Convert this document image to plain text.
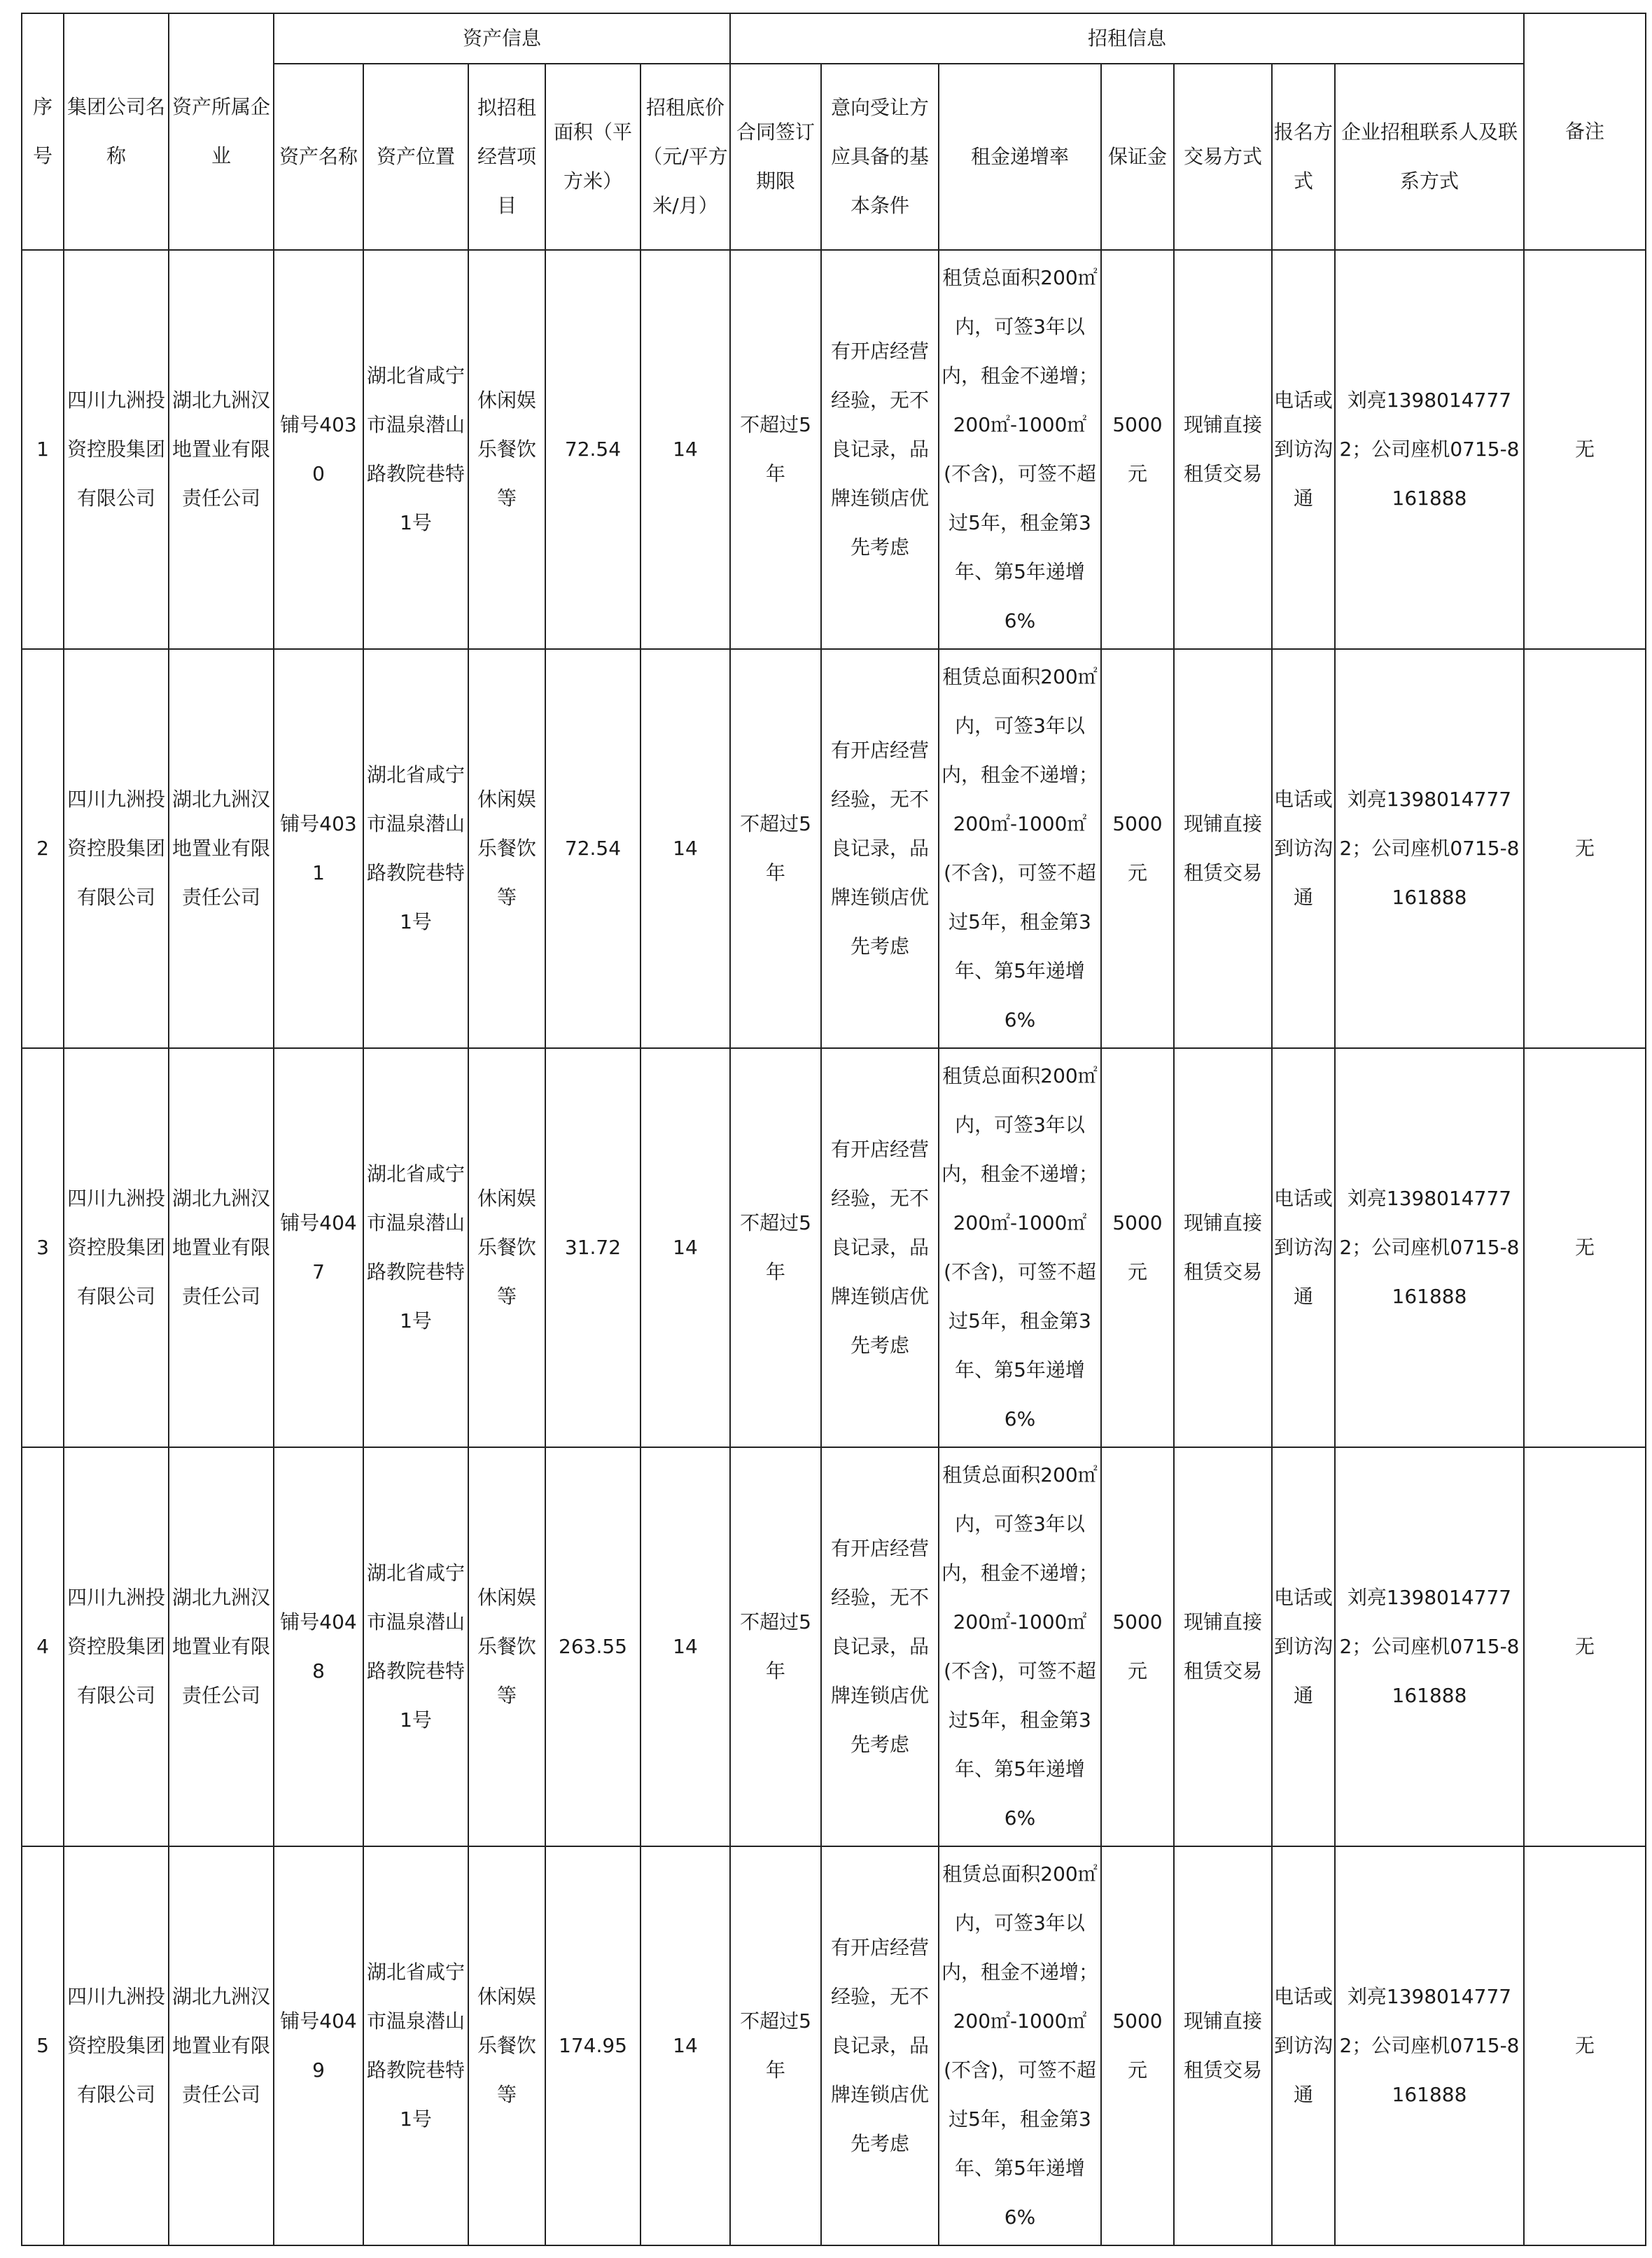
序号	集团公司名称	资产所属企业	资产信息					招租信息							备注
			资产名称	资产位置	拟招租经营项目	面积（平方米）	招租底价（元/平方米/月）	合同签订期限	意向受让方应具备的基本条件	租金递增率	保证金	交易方式	报名方式	企业招租联系人及联系方式	
1	四川九洲投资控股集团有限公司	湖北九洲汉地置业有限责任公司	铺号4030	湖北省咸宁市温泉潜山路教院巷特1号	休闲娱乐餐饮等	72.54	14	不超过5年	有开店经营经验，无不良记录，品牌连锁店优先考虑	租赁总面积200㎡内，可签3年以内，租金不递增；200㎡-1000㎡(不含)，可签不超过5年，租金第3年、第5年递增6%	5000元	现铺直接租赁交易	电话或到访沟通	刘亮13980147772；公司座机0715-8161888	无
2	四川九洲投资控股集团有限公司	湖北九洲汉地置业有限责任公司	铺号4031	湖北省咸宁市温泉潜山路教院巷特1号	休闲娱乐餐饮等	72.54	14	不超过5年	有开店经营经验，无不良记录，品牌连锁店优先考虑	租赁总面积200㎡内，可签3年以内，租金不递增；200㎡-1000㎡(不含)，可签不超过5年，租金第3年、第5年递增6%	5000元	现铺直接租赁交易	电话或到访沟通	刘亮13980147772；公司座机0715-8161888	无
3	四川九洲投资控股集团有限公司	湖北九洲汉地置业有限责任公司	铺号4047	湖北省咸宁市温泉潜山路教院巷特1号	休闲娱乐餐饮等	31.72	14	不超过5年	有开店经营经验，无不良记录，品牌连锁店优先考虑	租赁总面积200㎡内，可签3年以内，租金不递增；200㎡-1000㎡(不含)，可签不超过5年，租金第3年、第5年递增6%	5000元	现铺直接租赁交易	电话或到访沟通	刘亮13980147772；公司座机0715-8161888	无
4	四川九洲投资控股集团有限公司	湖北九洲汉地置业有限责任公司	铺号4048	湖北省咸宁市温泉潜山路教院巷特1号	休闲娱乐餐饮等	263.55	14	不超过5年	有开店经营经验，无不良记录，品牌连锁店优先考虑	租赁总面积200㎡内，可签3年以内，租金不递增；200㎡-1000㎡(不含)，可签不超过5年，租金第3年、第5年递增6%	5000元	现铺直接租赁交易	电话或到访沟通	刘亮13980147772；公司座机0715-8161888	无
5	四川九洲投资控股集团有限公司	湖北九洲汉地置业有限责任公司	铺号4049	湖北省咸宁市温泉潜山路教院巷特1号	休闲娱乐餐饮等	174.95	14	不超过5年	有开店经营经验，无不良记录，品牌连锁店优先考虑	租赁总面积200㎡内，可签3年以内，租金不递增；200㎡-1000㎡(不含)，可签不超过5年，租金第3年、第5年递增6%	5000元	现铺直接租赁交易	电话或到访沟通	刘亮13980147772；公司座机0715-8161888	无
